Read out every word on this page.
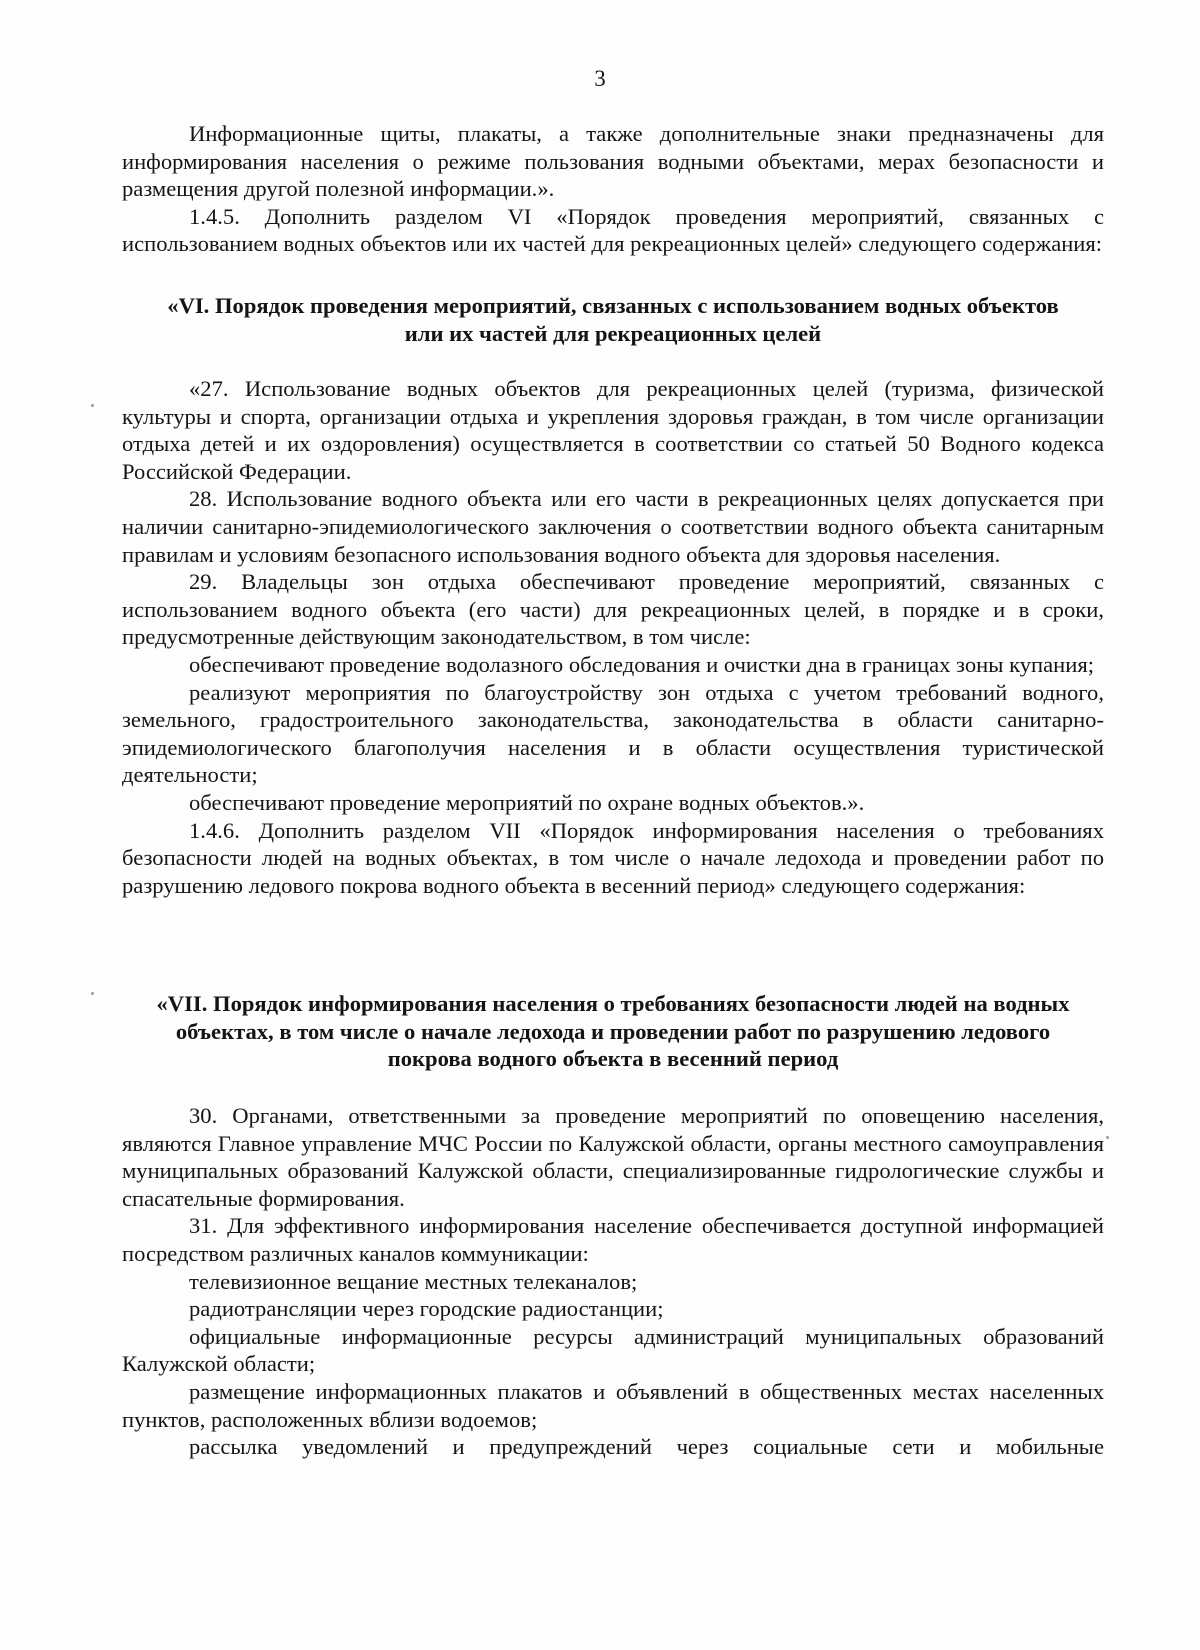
3

Информационные щиты, плакаты, а также дополнительные знаки предназначены для информирования населения о режиме пользования водными объектами, мерах безопасности и размещения другой полезной информации.».

1.4.5. Дополнить разделом VI «Порядок проведения мероприятий, связанных с использованием водных объектов или их частей для рекреационных целей» следующего содержания:

«VI. Порядок проведения мероприятий, связанных с использованием водных объектов или их частей для рекреационных целей

«27. Использование водных объектов для рекреационных целей (туризма, физической культуры и спорта, организации отдыха и укрепления здоровья граждан, в том числе организации отдыха детей и их оздоровления) осуществляется в соответствии со статьей 50 Водного кодекса Российской Федерации.

28. Использование водного объекта или его части в рекреационных целях допускается при наличии санитарно-эпидемиологического заключения о соответствии водного объекта санитарным правилам и условиям безопасного использования водного объекта для здоровья населения.

29. Владельцы зон отдыха обеспечивают проведение мероприятий, связанных с использованием водного объекта (его части) для рекреационных целей, в порядке и в сроки, предусмотренные действующим законодательством, в том числе:

обеспечивают проведение водолазного обследования и очистки дна в границах зоны купания;

реализуют мероприятия по благоустройству зон отдыха с учетом требований водного, земельного, градостроительного законодательства, законодательства в области санитарно-эпидемиологического благополучия населения и в области осуществления туристической деятельности;

обеспечивают проведение мероприятий по охране водных объектов.».

1.4.6. Дополнить разделом VII «Порядок информирования населения о требованиях безопасности людей на водных объектах, в том числе о начале ледохода и проведении работ по разрушению ледового покрова водного объекта в весенний период» следующего содержания:

«VII. Порядок информирования населения о требованиях безопасности людей на водных объектах, в том числе о начале ледохода и проведении работ по разрушению ледового покрова водного объекта в весенний период

30. Органами, ответственными за проведение мероприятий по оповещению населения, являются Главное управление МЧС России по Калужской области, органы местного самоуправления муниципальных образований Калужской области, специализированные гидрологические службы и спасательные формирования.

31. Для эффективного информирования население обеспечивается доступной информацией посредством различных каналов коммуникации:

телевизионное вещание местных телеканалов;

радиотрансляции через городские радиостанции;

официальные информационные ресурсы администраций муниципальных образований Калужской области;

размещение информационных плакатов и объявлений в общественных местах населенных пунктов, расположенных вблизи водоемов;

рассылка уведомлений и предупреждений через социальные сети и мобильные
